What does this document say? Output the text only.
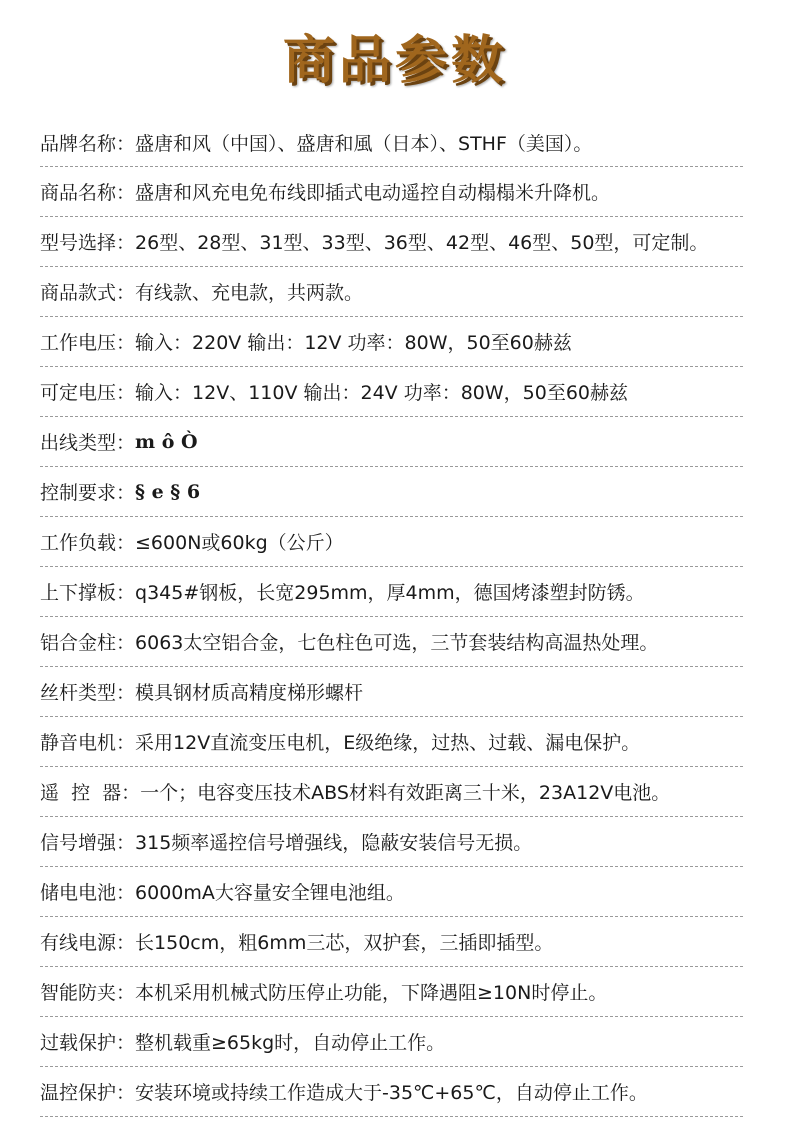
商品参数
品牌名称： 盛唐和风（中国）、盛唐和風（日本）、STHF（美国）。
商品名称： 盛唐和风充电免布线即插式电动遥控自动榻榻米升降机。
型号选择： 26型、28型、31型、33型、36型、42型、46型、50型，可定制。
商品款式： 有线款、充电款，共两款。
工作电压： 输入：220V 输出：12V 功率：80W，50至60赫兹
可定电压： 输入：12V、110V 输出：24V 功率：80W，50至60赫兹
出线类型： m ô Ò
控制要求： § e § 6
工作负载： ≤600N或60kg（公斤）
上下撑板： q345#钢板，长宽295mm，厚4mm，德国烤漆塑封防锈。
铝合金柱： 6063太空铝合金，七色柱色可选，三节套装结构高温热处理。
丝杆类型： 模具钢材质高精度梯形螺杆
静音电机： 采用12V直流变压电机，E级绝缘，过热、过载、漏电保护。
遥  控  器： 一个；电容变压技术ABS材料有效距离三十米，23A12V电池。
信号增强： 315频率遥控信号增强线，隐蔽安装信号无损。
储电电池： 6000mA大容量安全锂电池组。
有线电源： 长150cm，粗6mm三芯，双护套，三插即插型。
智能防夹： 本机采用机械式防压停止功能，下降遇阻≥10N时停止。
过载保护： 整机载重≥65kg时，自动停止工作。
温控保护： 安装环境或持续工作造成大于-35℃+65℃，自动停止工作。
